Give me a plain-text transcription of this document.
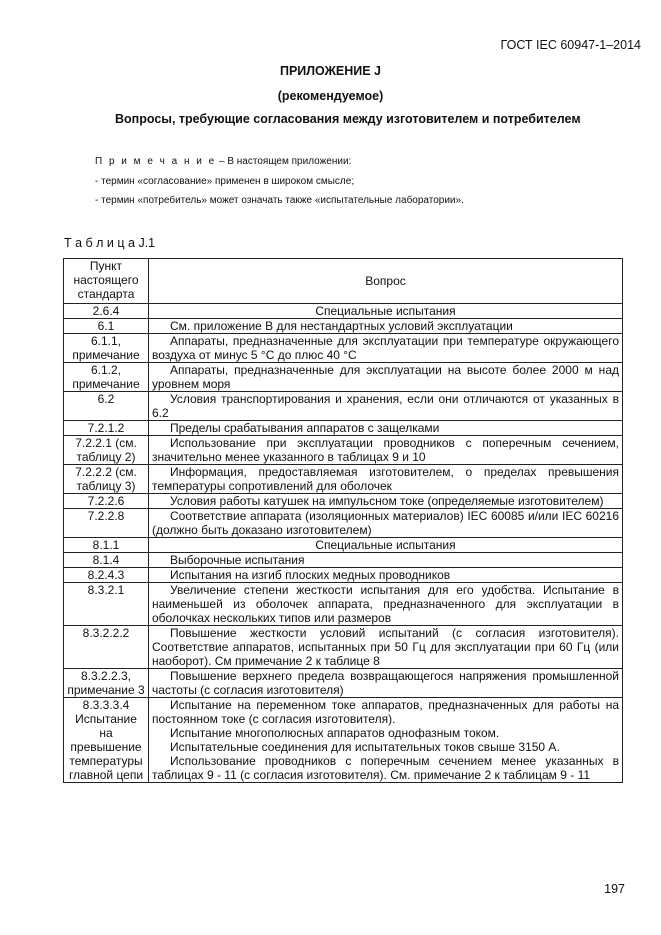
ГОСТ IEC 60947-1–2014
ПРИЛОЖЕНИЕ J
(рекомендуемое)
Вопросы, требующие согласования между изготовителем и потребителем
П р и м е ч а н и е – В настоящем приложении:
- термин «согласование» применен в широком смысле;
- термин «потребитель» может означать также «испытательные лаборатории».
Т а б л и ц а J.1
Пункт настоящего стандарта	Вопрос
2.6.4	Специальные испытания
6.1	См. приложение В для нестандартных условий эксплуатации

6.1.1, примечание	Аппараты, предназначенные для эксплуатации при температуре окружающего воздуха от минус 5 °С до плюс 40 °С

6.1.2, примечание	Аппараты, предназначенные для эксплуатации на высоте более 2000 м над уровнем моря

6.2	Условия транспортирования и хранения, если они отличаются от указанных в 6.2

7.2.1.2	Пределы срабатывания аппаратов с защелками

7.2.2.1 (см. таблицу 2)	Использование при эксплуатации проводников с поперечным сечением, значительно менее указанного в таблицах 9 и 10

7.2.2.2 (см. таблицу 3)	Информация, предоставляемая изготовителем, о пределах превышения температуры сопротивлений для оболочек

7.2.2.6	Условия работы катушек на импульсном токе (определяемые изготовителем)

7.2.2.8	Соответствие аппарата (изоляционных материалов) IEC 60085 и/или IEC 60216 (должно быть доказано изготовителем)

8.1.1	Специальные испытания
8.1.4	Выборочные испытания

8.2.4.3	Испытания на изгиб плоских медных проводников

8.3.2.1	Увеличение степени жесткости испытания для его удобства. Испытание в наименьшей из оболочек аппарата, предназначенного для эксплуатации в оболочках нескольких типов или размеров

8.3.2.2.2	Повышение жесткости условий испытаний (с согласия изготовителя). Соответствие аппаратов, испытанных при 50 Гц для эксплуатации при 60 Гц (или наоборот). См примечание 2 к таблице 8

8.3.2.2.3, примечание 3	Повышение верхнего предела возвращающегося напряжения промышленной частоты (с согласия изготовителя)

8.3.3.3.4 Испытание на превышение температуры главной цепи	Испытание на переменном токе аппаратов, предназначенных для работы на постоянном токе (с согласия изготовителя).
Испытание многополюсных аппаратов однофазным током.
Испытательные соединения для испытательных токов свыше 3150 А.
Использование проводников с поперечным сечением менее указанных в таблицах 9 - 11 (с согласия изготовителя). См. примечание 2 к таблицам 9 - 11
197
